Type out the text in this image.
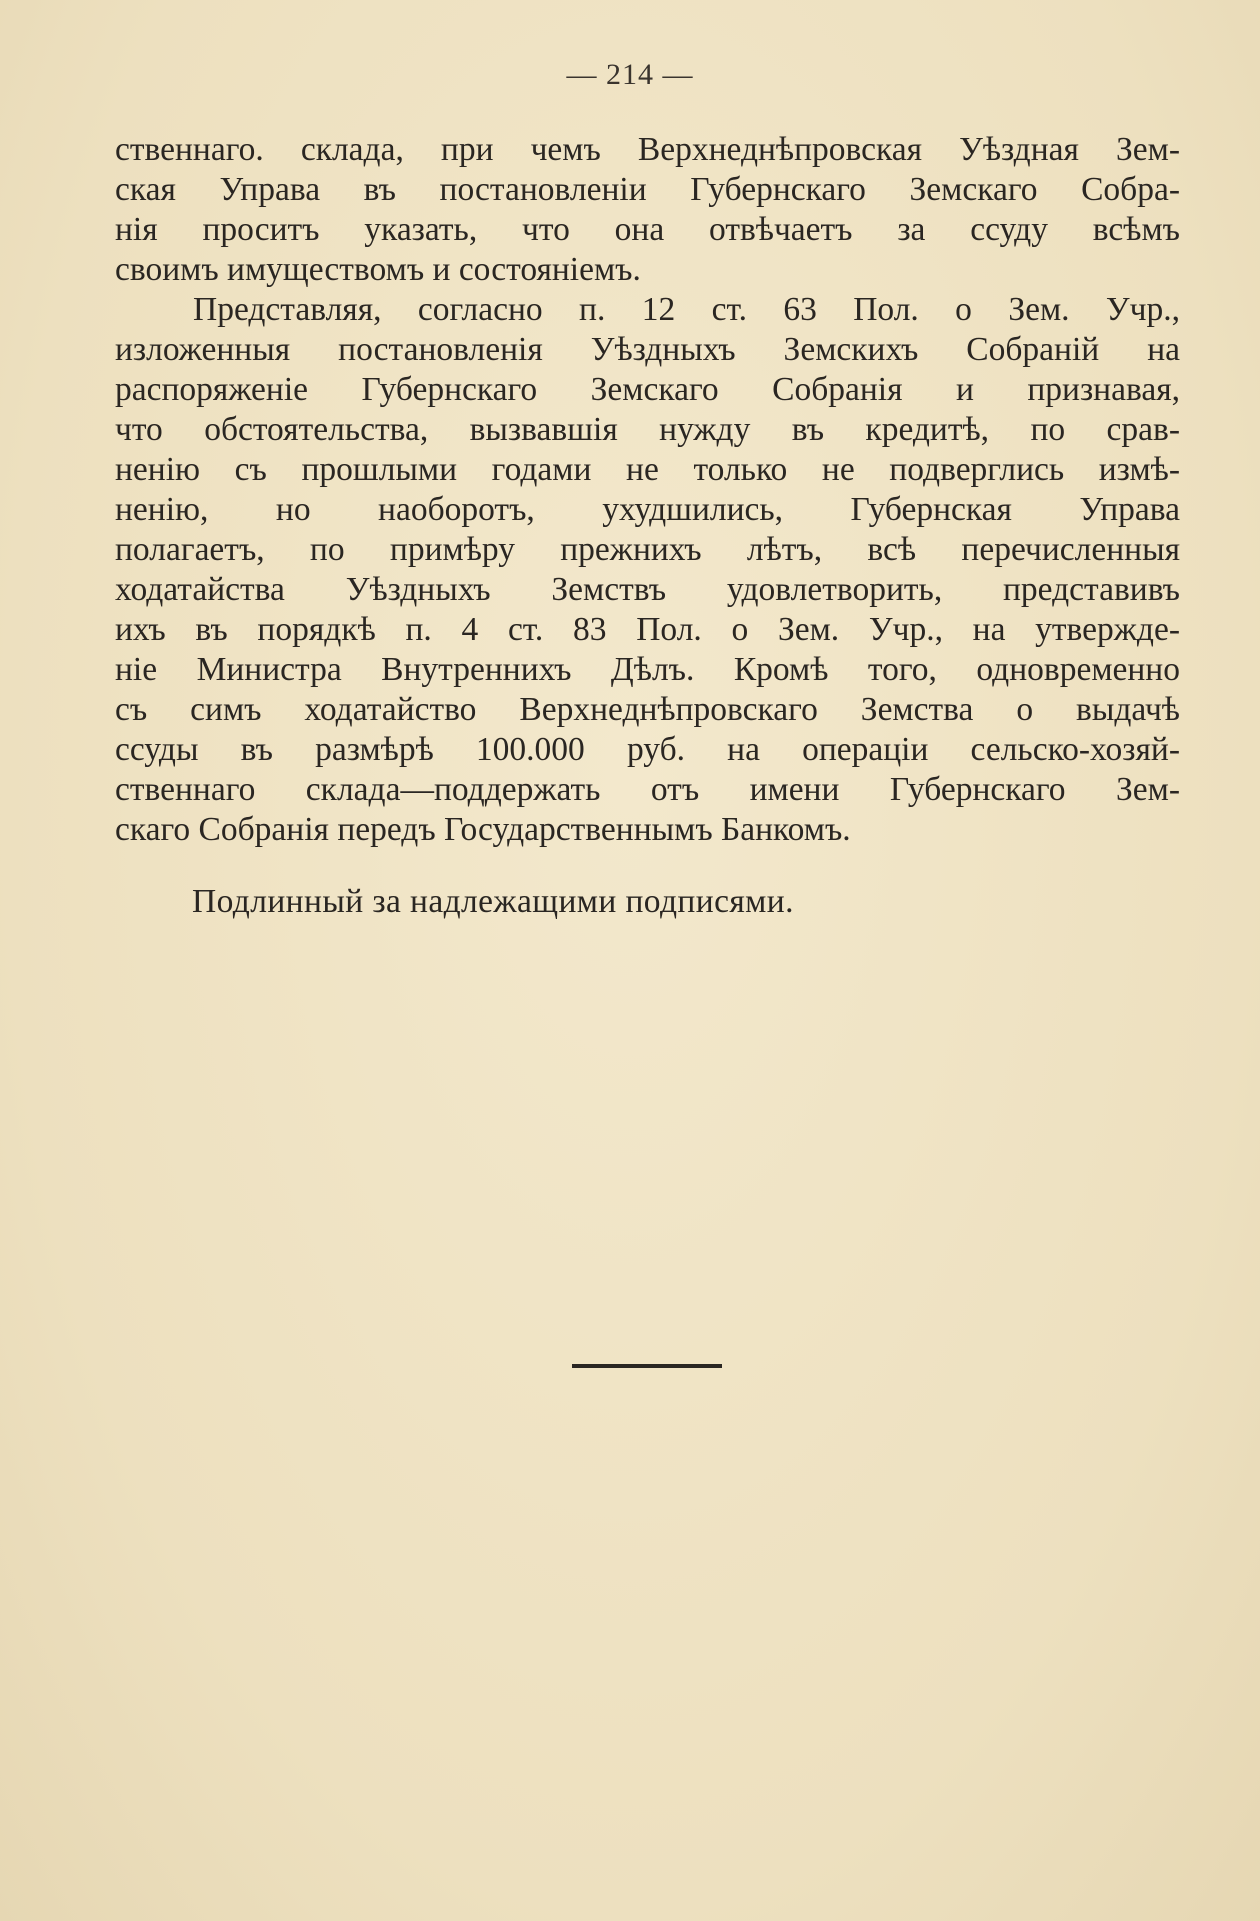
— 214 —
ственнаго. склада, при чемъ Верхнеднѣпровская Уѣздная Зем-
ская Управа въ постановленіи Губернскаго Земскаго Собра-
нія проситъ указать, что она отвѣчаетъ за ссуду всѣмъ
своимъ имуществомъ и состояніемъ.
Представляя, согласно п. 12 ст. 63 Пол. о Зем. Учр.,
изложенныя постановленія Уѣздныхъ Земскихъ Собраній на
распоряженіе Губернскаго Земскаго Собранія и признавая,
что обстоятельства, вызвавшія нужду въ кредитѣ, по срав-
ненію съ прошлыми годами не только не подверглись измѣ-
ненію, но наоборотъ, ухудшились, Губернская Управа
полагаетъ, по примѣру прежнихъ лѣтъ, всѣ перечисленныя
ходатайства Уѣздныхъ Земствъ удовлетворить, представивъ
ихъ въ порядкѣ п. 4 ст. 83 Пол. о Зем. Учр., на утвержде-
ніе Министра Внутреннихъ Дѣлъ. Кромѣ того, одновременно
съ симъ ходатайство Верхнеднѣпровскаго Земства о выдачѣ
ссуды въ размѣрѣ 100.000 руб. на операціи сельско-хозяй-
ственнаго склада—поддержать отъ имени Губернскаго Зем-
скаго Собранія передъ Государственнымъ Банкомъ.
Подлинный за надлежащими подписями.
